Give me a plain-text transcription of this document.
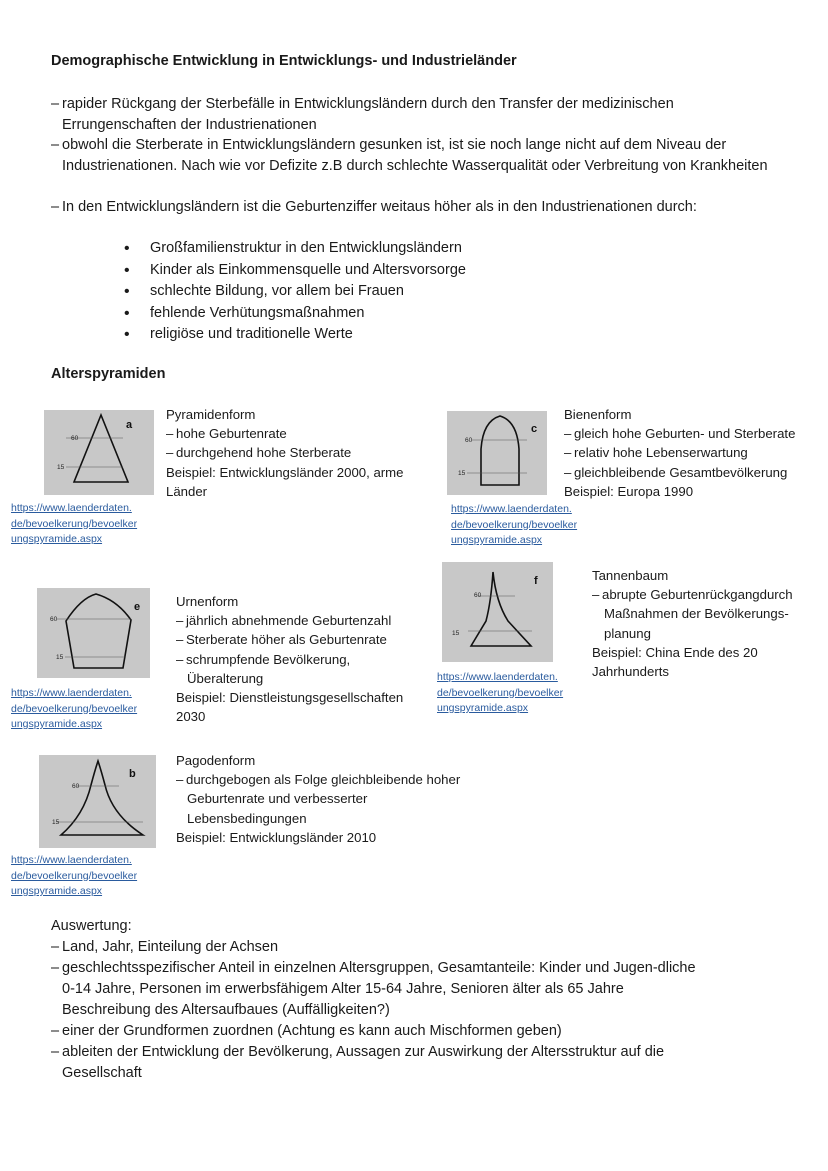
Demographische Entwicklung in Entwicklungs- und Industrieländer
– rapider Rückgang der Sterbefälle in Entwicklungsländern durch den Transfer der medizinischen Errungenschaften der Industrienationen
– obwohl die Sterberate in Entwicklungsländern gesunken ist, ist sie noch lange nicht auf dem Niveau der Industrienationen. Nach wie vor Defizite z.B durch schlechte Wasserqualität oder Verbreitung von Krankheiten
– In den Entwicklungsländern ist die Geburtenziffer weitaus höher als in den Industrienationen durch:
• Großfamilienstruktur in den Entwicklungsländern
• Kinder als Einkommensquelle und Altersvorsorge
• schlechte Bildung, vor allem bei Frauen
• fehlende Verhütungsmaßnahmen
• religiöse und traditionelle Werte
Alterspyramiden
60
15
a
https://www.laenderdaten.
de/bevoelkerung/bevoelker
ungspyramide.aspx
Pyramidenform
– hohe Geburtenrate
– durchgehend hohe Sterberate
Beispiel: Entwicklungsländer 2000, arme
Länder
60
15
c
https://www.laenderdaten.
de/bevoelkerung/bevoelker
ungspyramide.aspx
Bienenform
– gleich hohe Geburten- und Sterberate
– relativ hohe Lebenserwartung
– gleichbleibende Gesamtbevölkerung
Beispiel: Europa 1990
60
15
e
https://www.laenderdaten.
de/bevoelkerung/bevoelker
ungspyramide.aspx
Urnenform
– jährlich abnehmende Geburtenzahl
– Sterberate höher als Geburtenrate
– schrumpfende Bevölkerung,
Überalterung
Beispiel: Dienstleistungsgesellschaften
2030
60
15
f
https://www.laenderdaten.
de/bevoelkerung/bevoelker
ungspyramide.aspx
Tannenbaum
– abrupte Geburtenrückgangdurch
Maßnahmen der Bevölkerungs-
planung
Beispiel: China Ende des 20
Jahrhunderts
60
15
b
https://www.laenderdaten.
de/bevoelkerung/bevoelker
ungspyramide.aspx
Pagodenform
– durchgebogen als Folge gleichbleibende hoher
Geburtenrate und verbesserter
Lebensbedingungen
Beispiel: Entwicklungsländer 2010
Auswertung:
– Land, Jahr, Einteilung der Achsen
– geschlechtsspezifischer Anteil in einzelnen Altersgruppen, Gesamtanteile: Kinder und Jugen-dliche 0-14 Jahre, Personen im erwerbsfähigem Alter 15-64 Jahre, Senioren älter als 65 Jahre Beschreibung des Altersaufbaues (Auffälligkeiten?)
– einer der Grundformen zuordnen (Achtung es kann auch Mischformen geben)
– ableiten der Entwicklung der Bevölkerung, Aussagen zur Auswirkung der Altersstruktur auf die Gesellschaft
